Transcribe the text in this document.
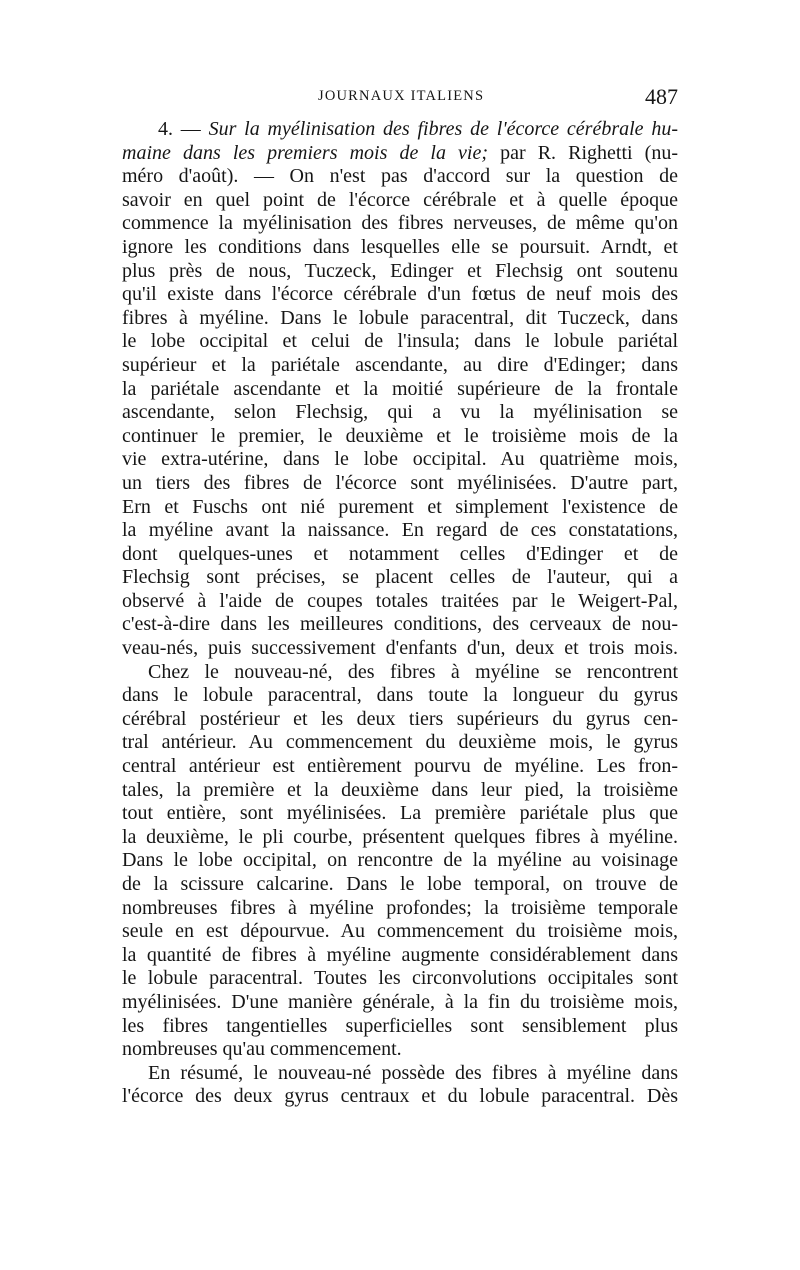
JOURNAUX ITALIENS	487
4. — Sur la myélinisation des fibres de l'écorce cérébrale hu-
maine dans les premiers mois de la vie; par R. Righetti (nu-
méro d'août). — On n'est pas d'accord sur la question de
savoir en quel point de l'écorce cérébrale et à quelle époque
commence la myélinisation des fibres nerveuses, de même qu'on
ignore les conditions dans lesquelles elle se poursuit. Arndt, et
plus près de nous, Tuczeck, Edinger et Flechsig ont soutenu
qu'il existe dans l'écorce cérébrale d'un fœtus de neuf mois des
fibres à myéline. Dans le lobule paracentral, dit Tuczeck, dans
le lobe occipital et celui de l'insula; dans le lobule pariétal
supérieur et la pariétale ascendante, au dire d'Edinger; dans
la pariétale ascendante et la moitié supérieure de la frontale
ascendante, selon Flechsig, qui a vu la myélinisation se
continuer le premier, le deuxième et le troisième mois de la
vie extra-utérine, dans le lobe occipital. Au quatrième mois,
un tiers des fibres de l'écorce sont myélinisées. D'autre part,
Ern et Fuschs ont nié purement et simplement l'existence de
la myéline avant la naissance. En regard de ces constatations,
dont quelques-unes et notamment celles d'Edinger et de
Flechsig sont précises, se placent celles de l'auteur, qui a
observé à l'aide de coupes totales traitées par le Weigert-Pal,
c'est-à-dire dans les meilleures conditions, des cerveaux de nou-
veau-nés, puis successivement d'enfants d'un, deux et trois mois.
Chez le nouveau-né, des fibres à myéline se rencontrent
dans le lobule paracentral, dans toute la longueur du gyrus
cérébral postérieur et les deux tiers supérieurs du gyrus cen-
tral antérieur. Au commencement du deuxième mois, le gyrus
central antérieur est entièrement pourvu de myéline. Les fron-
tales, la première et la deuxième dans leur pied, la troisième
tout entière, sont myélinisées. La première pariétale plus que
la deuxième, le pli courbe, présentent quelques fibres à myéline.
Dans le lobe occipital, on rencontre de la myéline au voisinage
de la scissure calcarine. Dans le lobe temporal, on trouve de
nombreuses fibres à myéline profondes; la troisième temporale
seule en est dépourvue. Au commencement du troisième mois,
la quantité de fibres à myéline augmente considérablement dans
le lobule paracentral. Toutes les circonvolutions occipitales sont
myélinisées. D'une manière générale, à la fin du troisième mois,
les fibres tangentielles superficielles sont sensiblement plus
nombreuses qu'au commencement.
En résumé, le nouveau-né possède des fibres à myéline dans
l'écorce des deux gyrus centraux et du lobule paracentral. Dès
